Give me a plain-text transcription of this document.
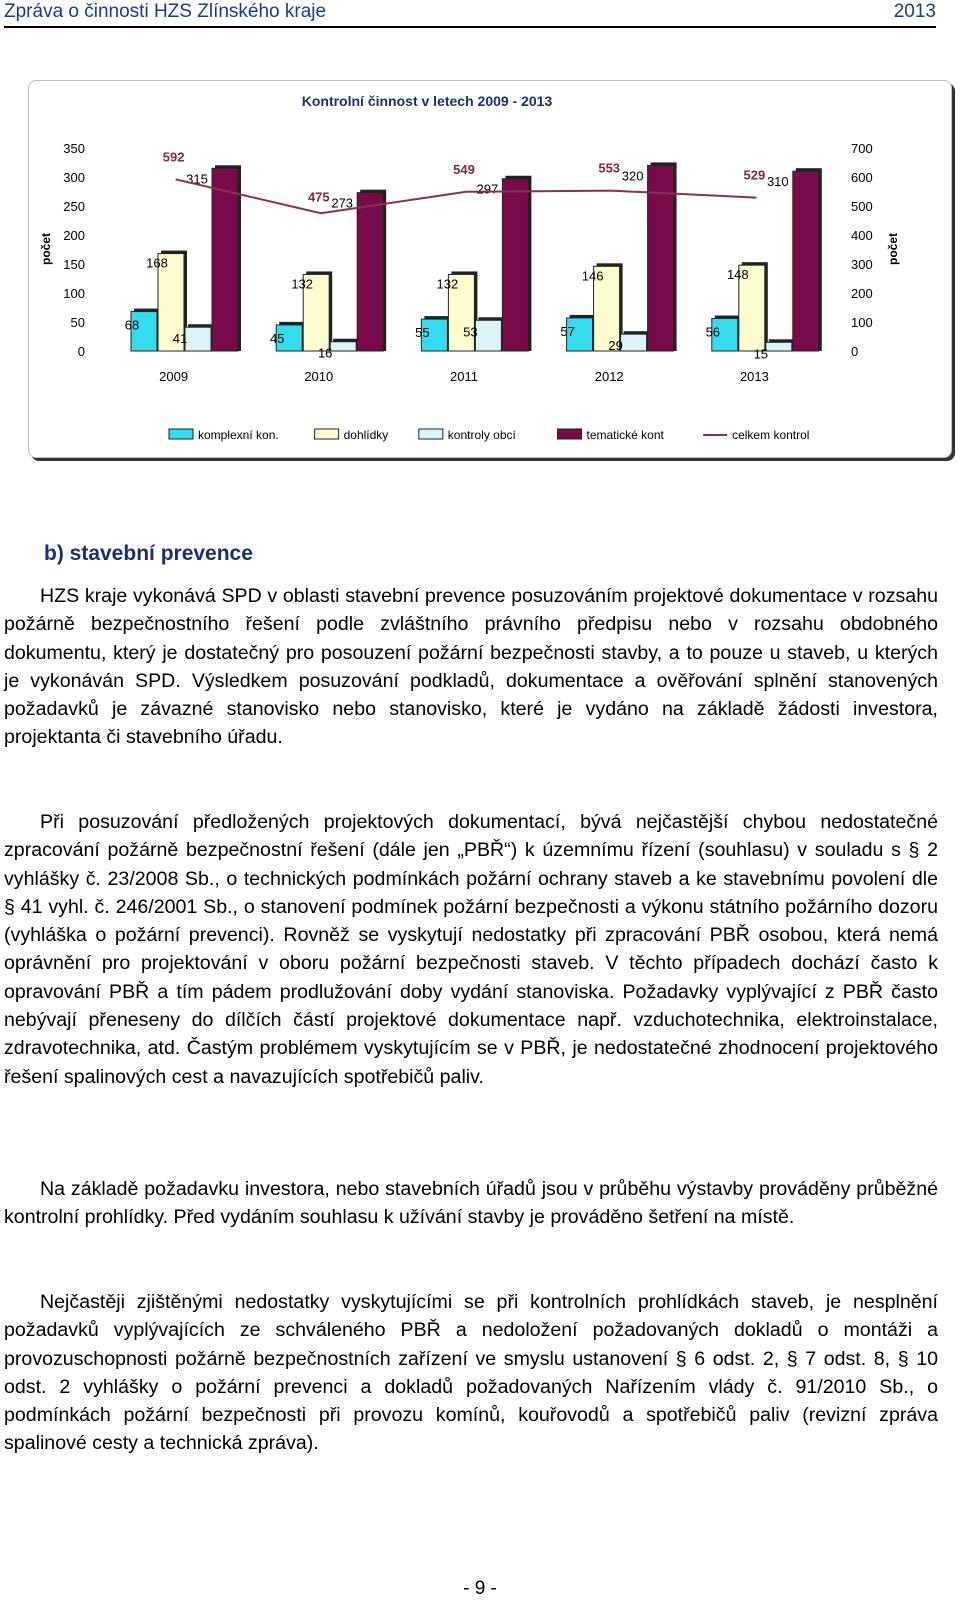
Zpráva o činnosti HZS Zlínského kraje	2013
Kontrolní činnost v letech 2009 - 2013
0
50
100
150
200
250
300
350
0
100
200
300
400
500
600
700
počet	počet
68
168
41
315
2009
45
132
16
273
2010
55
132
53
297
2011
57
146
29
320
2012
56
148
15
310
2013
592
475
549	553	529
komplexní kon.	dohlídky	kontroly obcí	tematické kont	celkem kontrol
b) stavební prevence

HZS kraje vykonává SPD v oblasti stavební prevence posuzováním projektové dokumentace v rozsahu požárně bezpečnostního řešení podle zvláštního právního předpisu nebo v rozsahu obdobného dokumentu, který je dostatečný pro posouzení požární bezpečnosti stavby, a to pouze u staveb, u kterých je vykonáván SPD. Výsledkem posuzování podkladů, dokumentace a ověřování splnění stanovených požadavků je závazné stanovisko nebo stanovisko, které je vydáno na základě žádosti investora, projektanta či stavebního úřadu.

Při posuzování předložených projektových dokumentací, bývá nejčastější chybou nedostatečné zpracování požárně bezpečnostní řešení (dále jen „PBŘ“) k územnímu řízení (souhlasu) v souladu s § 2 vyhlášky č. 23/2008 Sb., o technických podmínkách požární ochrany staveb a ke stavebnímu povolení dle § 41 vyhl. č. 246/2001 Sb., o stanovení podmínek požární bezpečnosti a výkonu státního požárního dozoru (vyhláška o požární prevenci). Rovněž se vyskytují nedostatky při zpracování PBŘ osobou, která nemá oprávnění pro projektování v oboru požární bezpečnosti staveb. V těchto případech dochází často k opravování PBŘ a tím pádem prodlužování doby vydání stanoviska. Požadavky vyplývající z PBŘ často nebývají přeneseny do dílčích částí projektové dokumentace např. vzduchotechnika, elektroinstalace, zdravotechnika, atd. Častým problémem vyskytujícím se v PBŘ, je nedostatečné zhodnocení projektového řešení spalinových cest a navazujících spotřebičů paliv.

Na základě požadavku investora, nebo stavebních úřadů jsou v průběhu výstavby prováděny průběžné kontrolní prohlídky. Před vydáním souhlasu k užívání stavby je prováděno šetření na místě.

Nejčastěji zjištěnými nedostatky vyskytujícími se při kontrolních prohlídkách staveb, je nesplnění požadavků vyplývajících ze schváleného PBŘ a nedoložení požadovaných dokladů o montáži a provozuschopnosti požárně bezpečnostních zařízení ve smyslu ustanovení § 6 odst. 2, § 7 odst. 8, § 10 odst. 2 vyhlášky o požární prevenci a dokladů požadovaných Nařízením vlády č. 91/2010 Sb., o podmínkách požární bezpečnosti při provozu komínů, kouřovodů a spotřebičů paliv (revizní zpráva spalinové cesty a technická zpráva).

- 9 -
